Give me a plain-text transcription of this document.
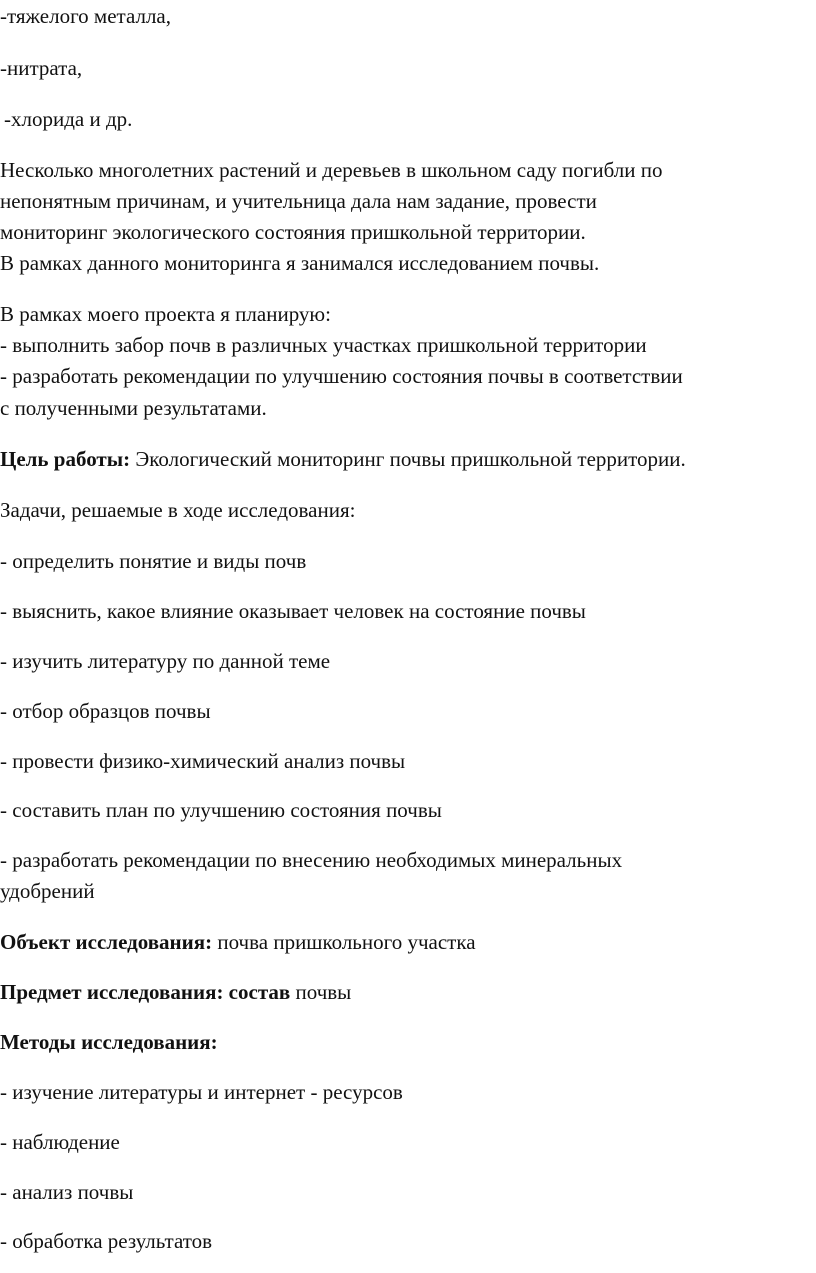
-тяжелого металла,
-нитрата,
-хлорида и др.
Несколько многолетних растений и деревьев в школьном саду погибли по
непонятным причинам, и учительница дала нам задание, провести
мониторинг экологического состояния пришкольной территории.
В рамках данного мониторинга я занимался исследованием почвы.
В рамках моего проекта я планирую:
- выполнить забор почв в различных участках пришкольной территории
- разработать рекомендации по улучшению состояния почвы в соответствии
с полученными результатами.
Цель работы: Экологический мониторинг почвы пришкольной территории.
Задачи, решаемые в ходе исследования:
- определить понятие и виды почв
- выяснить, какое влияние оказывает человек на состояние почвы
- изучить литературу по данной теме
- отбор образцов почвы
- провести физико-химический анализ почвы
- составить план по улучшению состояния почвы
- разработать рекомендации по внесению необходимых минеральных
удобрений
Объект исследования: почва пришкольного участка
Предмет исследования: состав почвы
Методы исследования:
- изучение литературы и интернет - ресурсов
- наблюдение
- анализ почвы
- обработка результатов
